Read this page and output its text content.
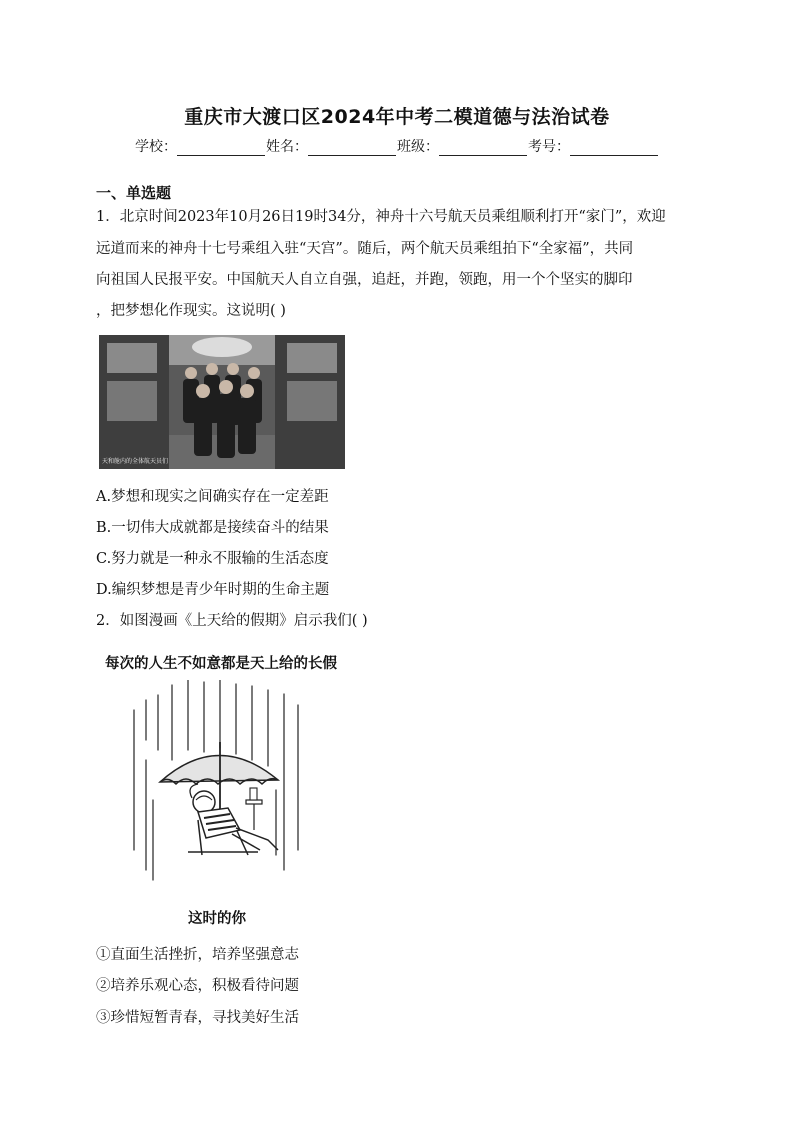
重庆市大渡口区2024年中考二模道德与法治试卷
学校：	姓名：	班级：	考号：
一、单选题
1．北京时间2023年10月26日19时34分，神舟十六号航天员乘组顺利打开“家门”，欢迎
远道而来的神舟十七号乘组入驻“天宫”。随后，两个航天员乘组拍下“全家福”，共同
向祖国人民报平安。中国航天人自立自强，追赶，并跑，领跑，用一个个坚实的脚印
，把梦想化作现实。这说明( )
天和舱内的全体航天员们
A.梦想和现实之间确实存在一定差距
B.一切伟大成就都是接续奋斗的结果
C.努力就是一种永不服输的生活态度
D.编织梦想是青少年时期的生命主题
2．如图漫画《上天给的假期》启示我们( )
每次的人生不如意都是天上给的长假
这时的你
①直面生活挫折，培养坚强意志
②培养乐观心态，积极看待问题
③珍惜短暂青春，寻找美好生活
